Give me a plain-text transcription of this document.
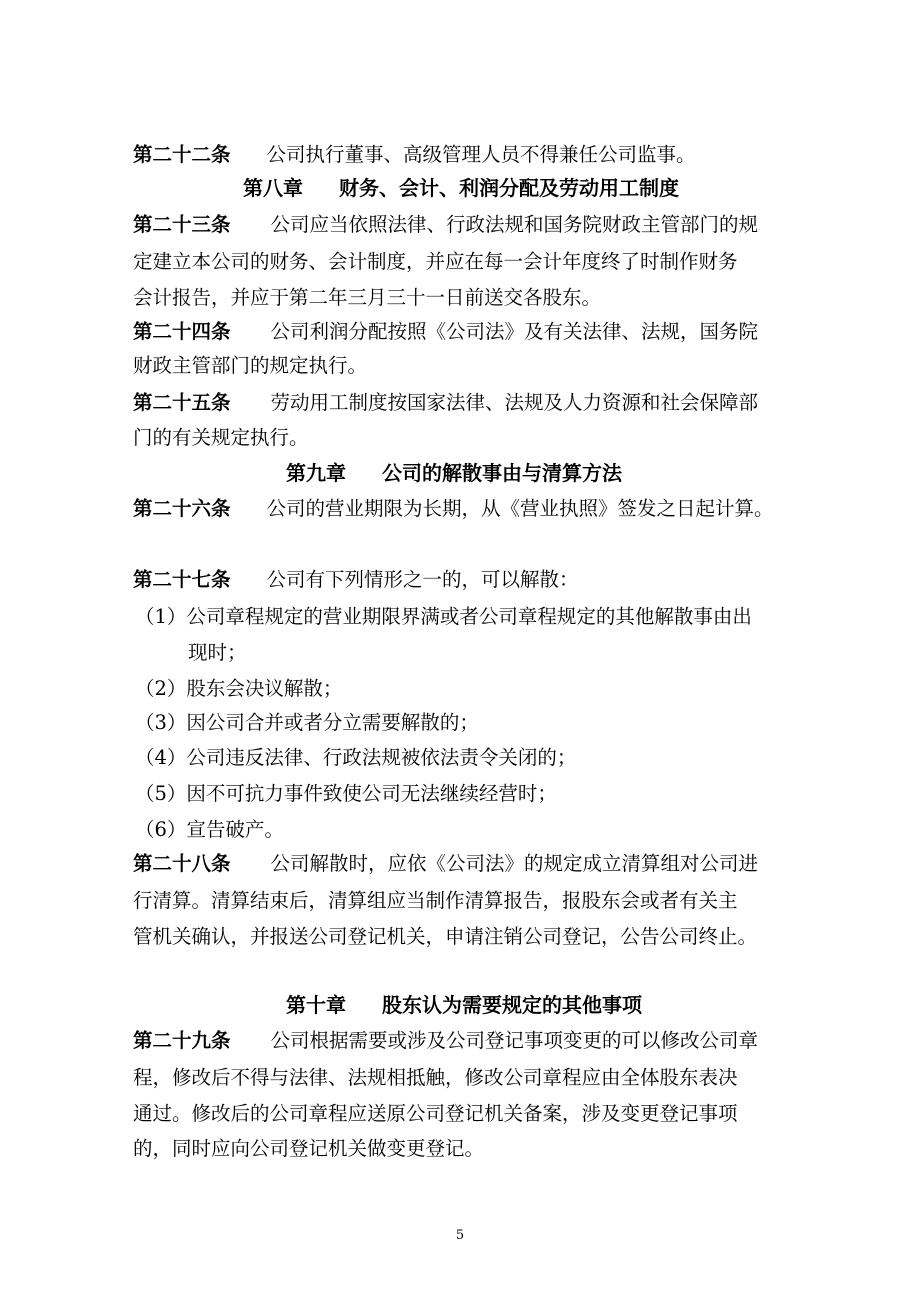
第二十二条 公司执行董事、高级管理人员不得兼任公司监事。
第八章 财务、会计、利润分配及劳动用工制度
第二十三条 公司应当依照法律、行政法规和国务院财政主管部门的规
定建立本公司的财务、会计制度，并应在每一会计年度终了时制作财务
会计报告，并应于第二年三月三十一日前送交各股东。
第二十四条 公司利润分配按照《公司法》及有关法律、法规，国务院
财政主管部门的规定执行。
第二十五条 劳动用工制度按国家法律、法规及人力资源和社会保障部
门的有关规定执行。
第九章 公司的解散事由与清算方法
第二十六条 公司的营业期限为长期，从《营业执照》签发之日起计算。
第二十七条 公司有下列情形之一的，可以解散：
（1）公司章程规定的营业期限界满或者公司章程规定的其他解散事由出
现时；
（2）股东会决议解散；
（3）因公司合并或者分立需要解散的；
（4）公司违反法律、行政法规被依法责令关闭的；
（5）因不可抗力事件致使公司无法继续经营时；
（6）宣告破产。
第二十八条 公司解散时，应依《公司法》的规定成立清算组对公司进
行清算。清算结束后，清算组应当制作清算报告，报股东会或者有关主
管机关确认，并报送公司登记机关，申请注销公司登记，公告公司终止。
第十章 股东认为需要规定的其他事项
第二十九条 公司根据需要或涉及公司登记事项变更的可以修改公司章
程，修改后不得与法律、法规相抵触，修改公司章程应由全体股东表决
通过。修改后的公司章程应送原公司登记机关备案，涉及变更登记事项
的，同时应向公司登记机关做变更登记。
5
